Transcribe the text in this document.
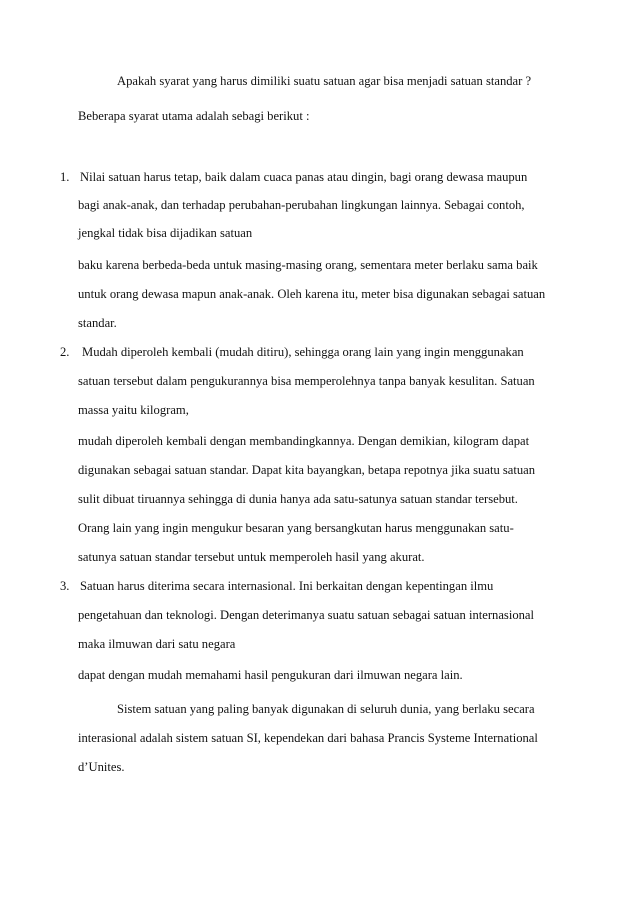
Apakah syarat yang harus dimiliki suatu satuan agar bisa menjadi satuan standar ?
Beberapa syarat utama adalah sebagi berikut :
1. Nilai satuan harus tetap, baik dalam cuaca panas atau dingin, bagi orang dewasa maupun
bagi anak-anak, dan terhadap perubahan-perubahan lingkungan lainnya. Sebagai contoh,
jengkal tidak bisa dijadikan satuan
baku karena berbeda-beda untuk masing-masing orang, sementara meter berlaku sama baik
untuk orang dewasa mapun anak-anak. Oleh karena itu, meter bisa digunakan sebagai satuan
standar.
2. Mudah diperoleh kembali (mudah ditiru), sehingga orang lain yang ingin menggunakan
satuan tersebut dalam pengukurannya bisa memperolehnya tanpa banyak kesulitan. Satuan
massa yaitu kilogram,
mudah diperoleh kembali dengan membandingkannya. Dengan demikian, kilogram dapat
digunakan sebagai satuan standar. Dapat kita bayangkan, betapa repotnya jika suatu satuan
sulit dibuat tiruannya sehingga di dunia hanya ada satu-satunya satuan standar tersebut.
Orang lain yang ingin mengukur besaran yang bersangkutan harus menggunakan satu-
satunya satuan standar tersebut untuk memperoleh hasil yang akurat.
3. Satuan harus diterima secara internasional. Ini berkaitan dengan kepentingan ilmu
pengetahuan dan teknologi. Dengan deterimanya suatu satuan sebagai satuan internasional
maka ilmuwan dari satu negara
dapat dengan mudah memahami hasil pengukuran dari ilmuwan negara lain.
Sistem satuan yang paling banyak digunakan di seluruh dunia, yang berlaku secara
interasional adalah sistem satuan SI, kependekan dari bahasa Prancis Systeme International
d’Unites.
